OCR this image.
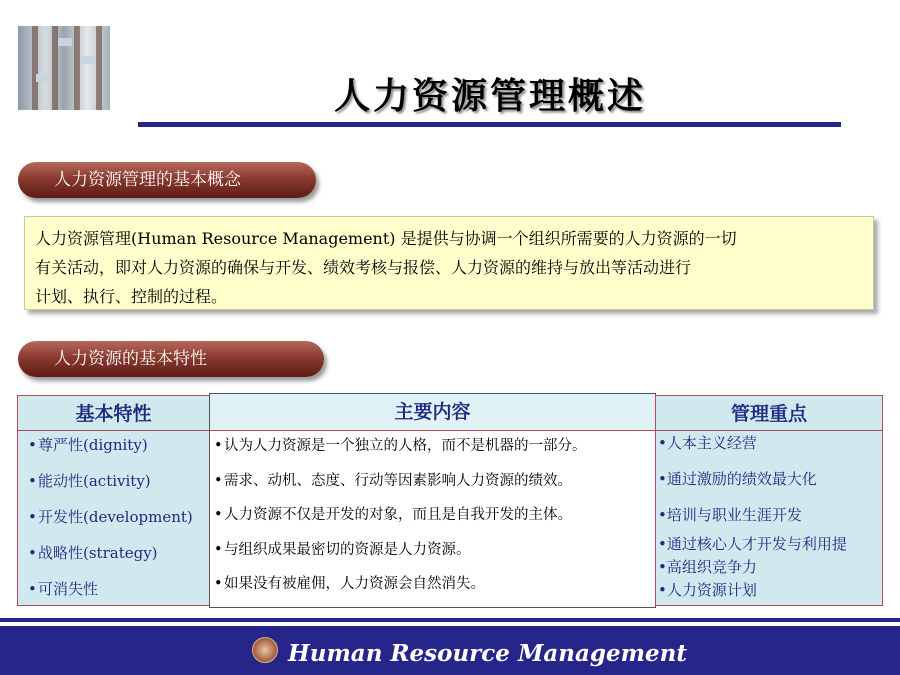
人力资源管理概述
人力资源管理的基本概念
人力资源管理(Human Resource Management) 是提供与协调一个组织所需要的人力资源的一切
有关活动，即对人力资源的确保与开发、绩效考核与报偿、人力资源的维持与放出等活动进行
计划、执行、控制的过程。
人力资源的基本特性
基本特性
•尊严性(dignity)
•能动性(activity)
•开发性(development)
•战略性(strategy)
•可消失性
主要内容
•认为人力资源是一个独立的人格，而不是机器的一部分。
•需求、动机、态度、行动等因素影响人力资源的绩效。
•人力资源不仅是开发的对象，而且是自我开发的主体。
•与组织成果最密切的资源是人力资源。
•如果没有被雇佣，人力资源会自然消失。
管理重点
•人本主义经营
•通过激励的绩效最大化
•培训与职业生涯开发
•通过核心人才开发与利用提
•高组织竞争力
•人力资源计划
Human Resource Management
